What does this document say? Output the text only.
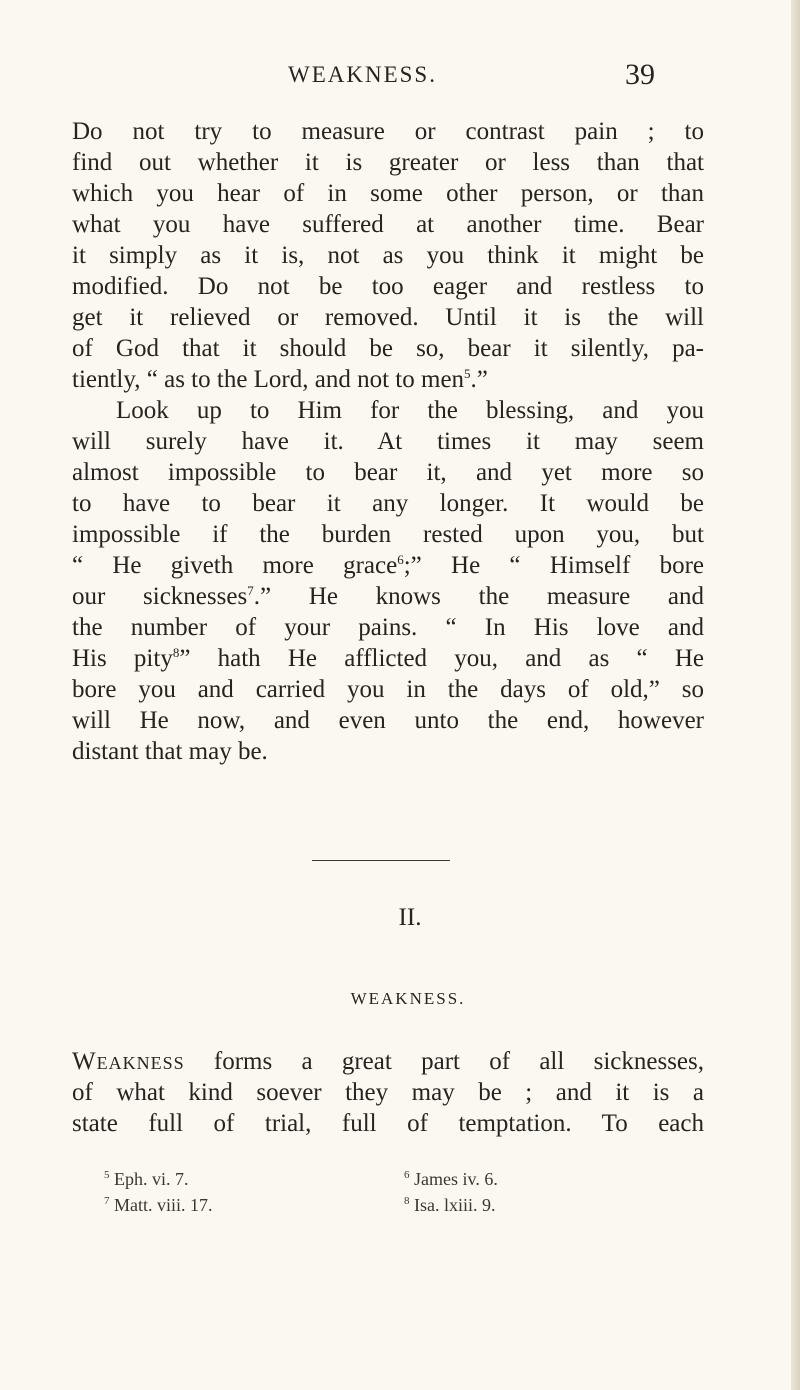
WEAKNESS.	39
Do not try to measure or contrast pain ; to
find out whether it is greater or less than that
which you hear of in some other person, or than
what you have suffered at another time. Bear
it simply as it is, not as you think it might be
modified. Do not be too eager and restless to
get it relieved or removed. Until it is the will
of God that it should be so, bear it silently, pa-
tiently, “ as to the Lord, and not to men$^5$.”
Look up to Him for the blessing, and you
will surely have it. At times it may seem
almost impossible to bear it, and yet more so
to have to bear it any longer. It would be
impossible if the burden rested upon you, but
“ He giveth more grace$^6$;” He “ Himself bore
our sicknesses$^7$.” He knows the measure and
the number of your pains. “ In His love and
His pity$^8$” hath He afflicted you, and as “ He
bore you and carried you in the days of old,” so
will He now, and even unto the end, however
distant that may be.
II.
WEAKNESS.
Weakness forms a great part of all sicknesses,
of what kind soever they may be ; and it is a
state full of trial, full of temptation. To each
$^5$ Eph. vi. 7.	$^6$ James iv. 6.
$^7$ Matt. viii. 17.	$^8$ Isa. lxiii. 9.
